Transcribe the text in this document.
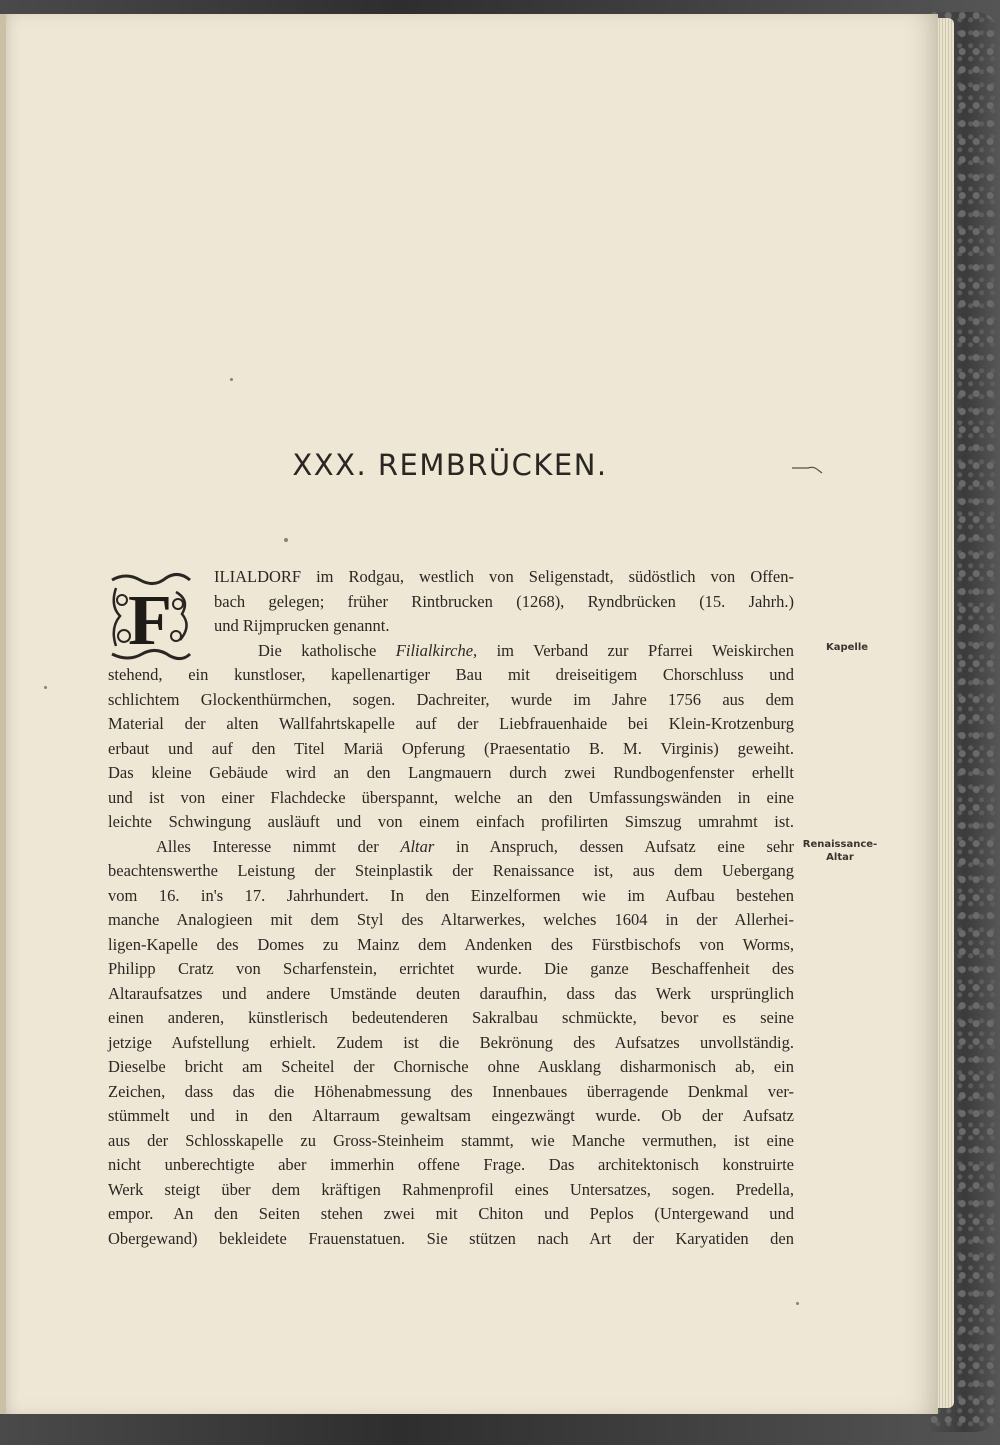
XXX. REMBRÜCKEN.
F

ILIALDORF im Rodgau, westlich von Seligenstadt, südöstlich von Offen-
bach gelegen; früher Rintbrucken (1268), Ryndbrücken (15. Jahrh.)
und Rijmprucken genannt.

Die katholische Filialkirche, im Verband zur Pfarrei Weiskirchen
stehend, ein kunstloser, kapellenartiger Bau mit dreiseitigem Chorschluss und
schlichtem Glockenthürmchen, sogen. Dachreiter, wurde im Jahre 1756 aus dem
Material der alten Wallfahrtskapelle auf der Liebfrauenhaide bei Klein-Krotzenburg
erbaut und auf den Titel Mariä Opferung (Praesentatio B. M. Virginis) geweiht.
Das kleine Gebäude wird an den Langmauern durch zwei Rundbogenfenster erhellt
und ist von einer Flachdecke überspannt, welche an den Umfassungswänden in eine
leichte Schwingung ausläuft und von einem einfach profilirten Simszug umrahmt ist.

Alles Interesse nimmt der Altar in Anspruch, dessen Aufsatz eine sehr
beachtenswerthe Leistung der Steinplastik der Renaissance ist, aus dem Uebergang
vom 16. in's 17. Jahrhundert. In den Einzelformen wie im Aufbau bestehen
manche Analogieen mit dem Styl des Altarwerkes, welches 1604 in der Allerhei-
ligen-Kapelle des Domes zu Mainz dem Andenken des Fürstbischofs von Worms,
Philipp Cratz von Scharfenstein, errichtet wurde. Die ganze Beschaffenheit des
Altaraufsatzes und andere Umstände deuten daraufhin, dass das Werk ursprünglich
einen anderen, künstlerisch bedeutenderen Sakralbau schmückte, bevor es seine
jetzige Aufstellung erhielt. Zudem ist die Bekrönung des Aufsatzes unvollständig.
Dieselbe bricht am Scheitel der Chornische ohne Ausklang disharmonisch ab, ein
Zeichen, dass das die Höhenabmessung des Innenbaues überragende Denkmal ver-
stümmelt und in den Altarraum gewaltsam eingezwängt wurde. Ob der Aufsatz
aus der Schlosskapelle zu Gross-Steinheim stammt, wie Manche vermuthen, ist eine
nicht unberechtigte aber immerhin offene Frage. Das architektonisch konstruirte
Werk steigt über dem kräftigen Rahmenprofil eines Untersatzes, sogen. Predella,
empor. An den Seiten stehen zwei mit Chiton und Peplos (Untergewand und
Obergewand) bekleidete Frauenstatuen. Sie stützen nach Art der Karyatiden den

Kapelle
Renaissance-
Altar
